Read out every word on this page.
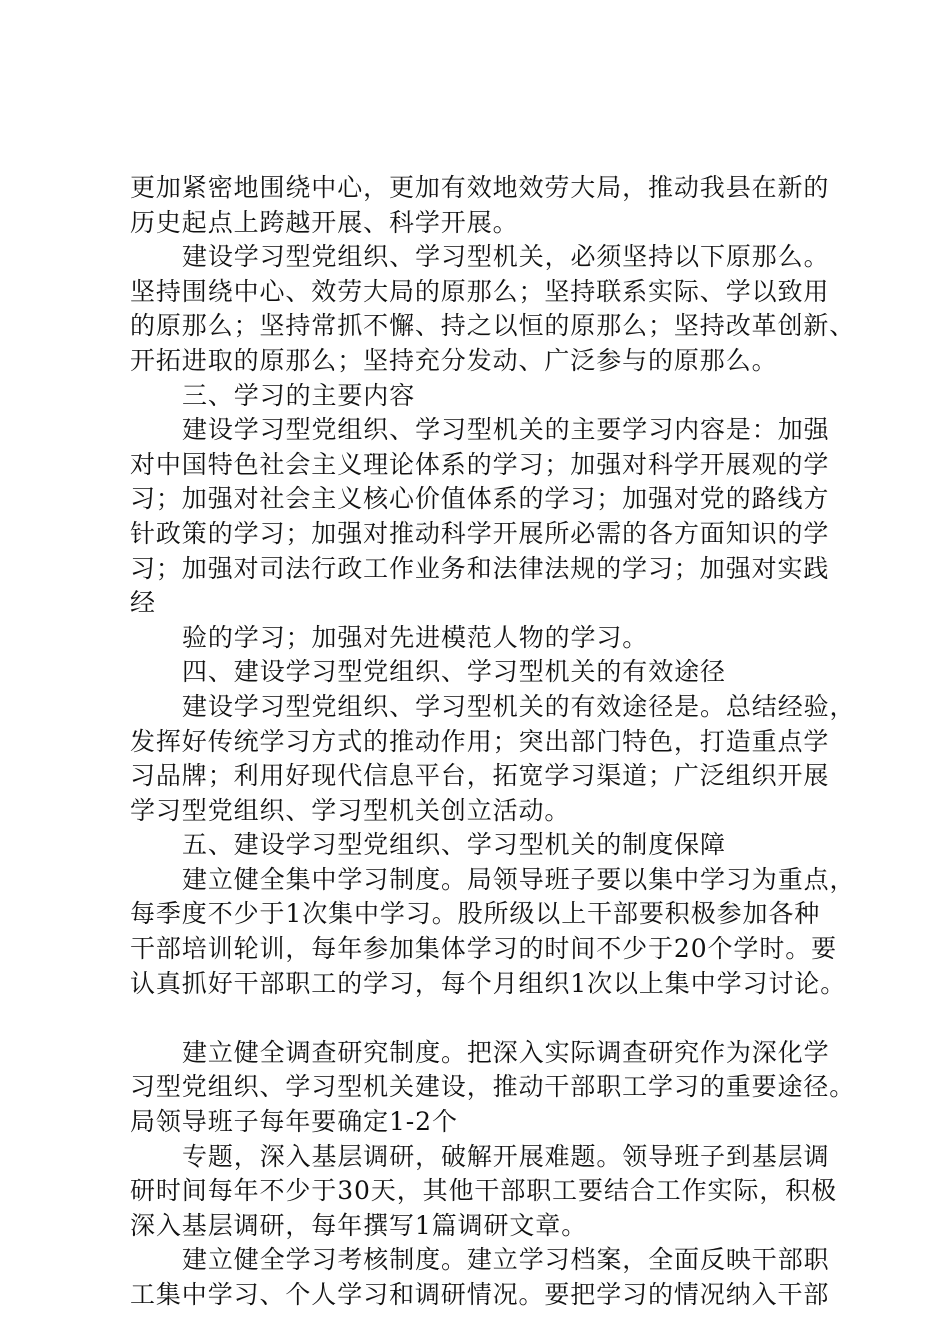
更加紧密地围绕中心，更加有效地效劳大局，推动我县在新的
历史起点上跨越开展、科学开展。
建设学习型党组织、学习型机关，必须坚持以下原那么。
坚持围绕中心、效劳大局的原那么；坚持联系实际、学以致用
的原那么；坚持常抓不懈、持之以恒的原那么；坚持改革创新、
开拓进取的原那么；坚持充分发动、广泛参与的原那么。
三、学习的主要内容
建设学习型党组织、学习型机关的主要学习内容是：加强
对中国特色社会主义理论体系的学习；加强对科学开展观的学
习；加强对社会主义核心价值体系的学习；加强对党的路线方
针政策的学习；加强对推动科学开展所必需的各方面知识的学
习；加强对司法行政工作业务和法律法规的学习；加强对实践
经
验的学习；加强对先进模范人物的学习。
四、建设学习型党组织、学习型机关的有效途径
建设学习型党组织、学习型机关的有效途径是。总结经验，
发挥好传统学习方式的推动作用；突出部门特色，打造重点学
习品牌；利用好现代信息平台，拓宽学习渠道；广泛组织开展
学习型党组织、学习型机关创立活动。
五、建设学习型党组织、学习型机关的制度保障
建立健全集中学习制度。局领导班子要以集中学习为重点，
每季度不少于1次集中学习。股所级以上干部要积极参加各种
干部培训轮训，每年参加集体学习的时间不少于20个学时。要
认真抓好干部职工的学习，每个月组织1次以上集中学习讨论。
建立健全调查研究制度。把深入实际调查研究作为深化学
习型党组织、学习型机关建设，推动干部职工学习的重要途径。
局领导班子每年要确定1-2个
专题，深入基层调研，破解开展难题。领导班子到基层调
研时间每年不少于30天，其他干部职工要结合工作实际，积极
深入基层调研，每年撰写1篇调研文章。
建立健全学习考核制度。建立学习档案，全面反映干部职
工集中学习、个人学习和调研情况。要把学习的情况纳入干部
